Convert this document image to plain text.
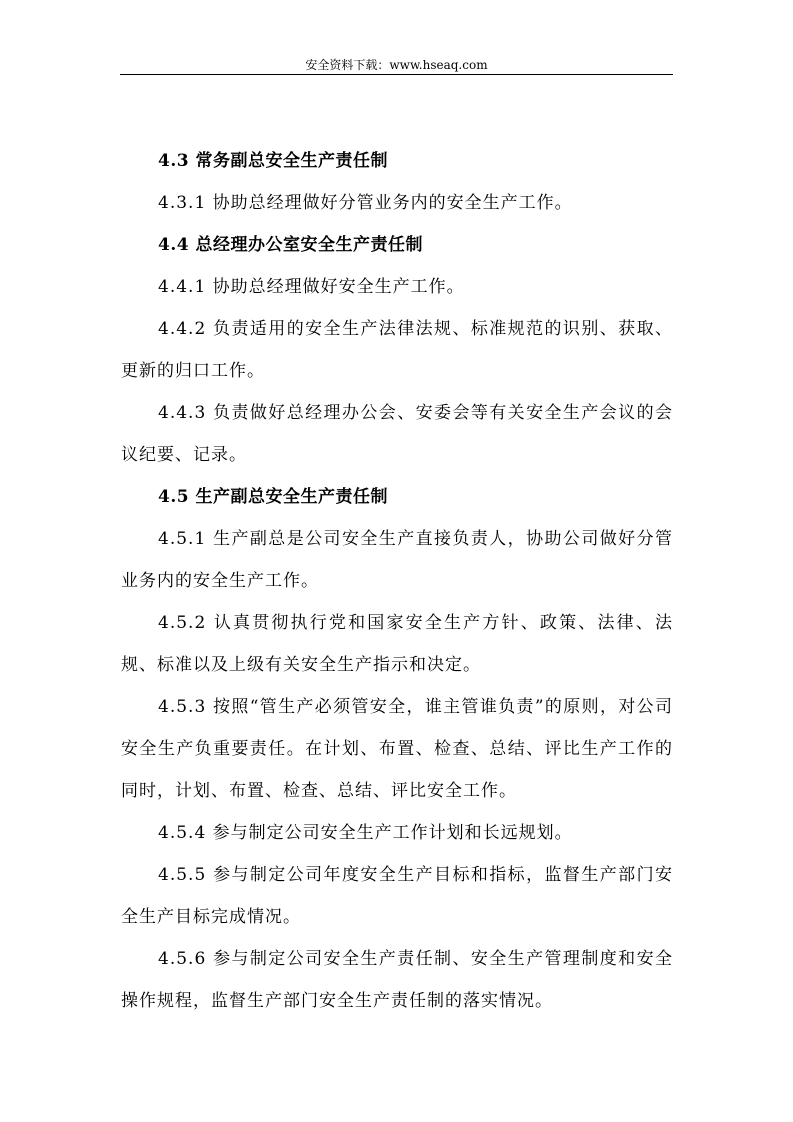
安全资料下载：www.hseaq.com
4.3 常务副总安全生产责任制
4.3.1 协助总经理做好分管业务内的安全生产工作。
4.4 总经理办公室安全生产责任制
4.4.1 协助总经理做好安全生产工作。
4.4.2 负责适用的安全生产法律法规、标准规范的识别、获取、更新的归口工作。
4.4.3 负责做好总经理办公会、安委会等有关安全生产会议的会议纪要、记录。
4.5 生产副总安全生产责任制
4.5.1 生产副总是公司安全生产直接负责人，协助公司做好分管业务内的安全生产工作。
4.5.2 认真贯彻执行党和国家安全生产方针、政策、法律、法规、标准以及上级有关安全生产指示和决定。
4.5.3 按照“管生产必须管安全，谁主管谁负责”的原则，对公司安全生产负重要责任。在计划、布置、检查、总结、评比生产工作的同时，计划、布置、检查、总结、评比安全工作。
4.5.4 参与制定公司安全生产工作计划和长远规划。
4.5.5 参与制定公司年度安全生产目标和指标，监督生产部门安全生产目标完成情况。
4.5.6 参与制定公司安全生产责任制、安全生产管理制度和安全操作规程，监督生产部门安全生产责任制的落实情况。
